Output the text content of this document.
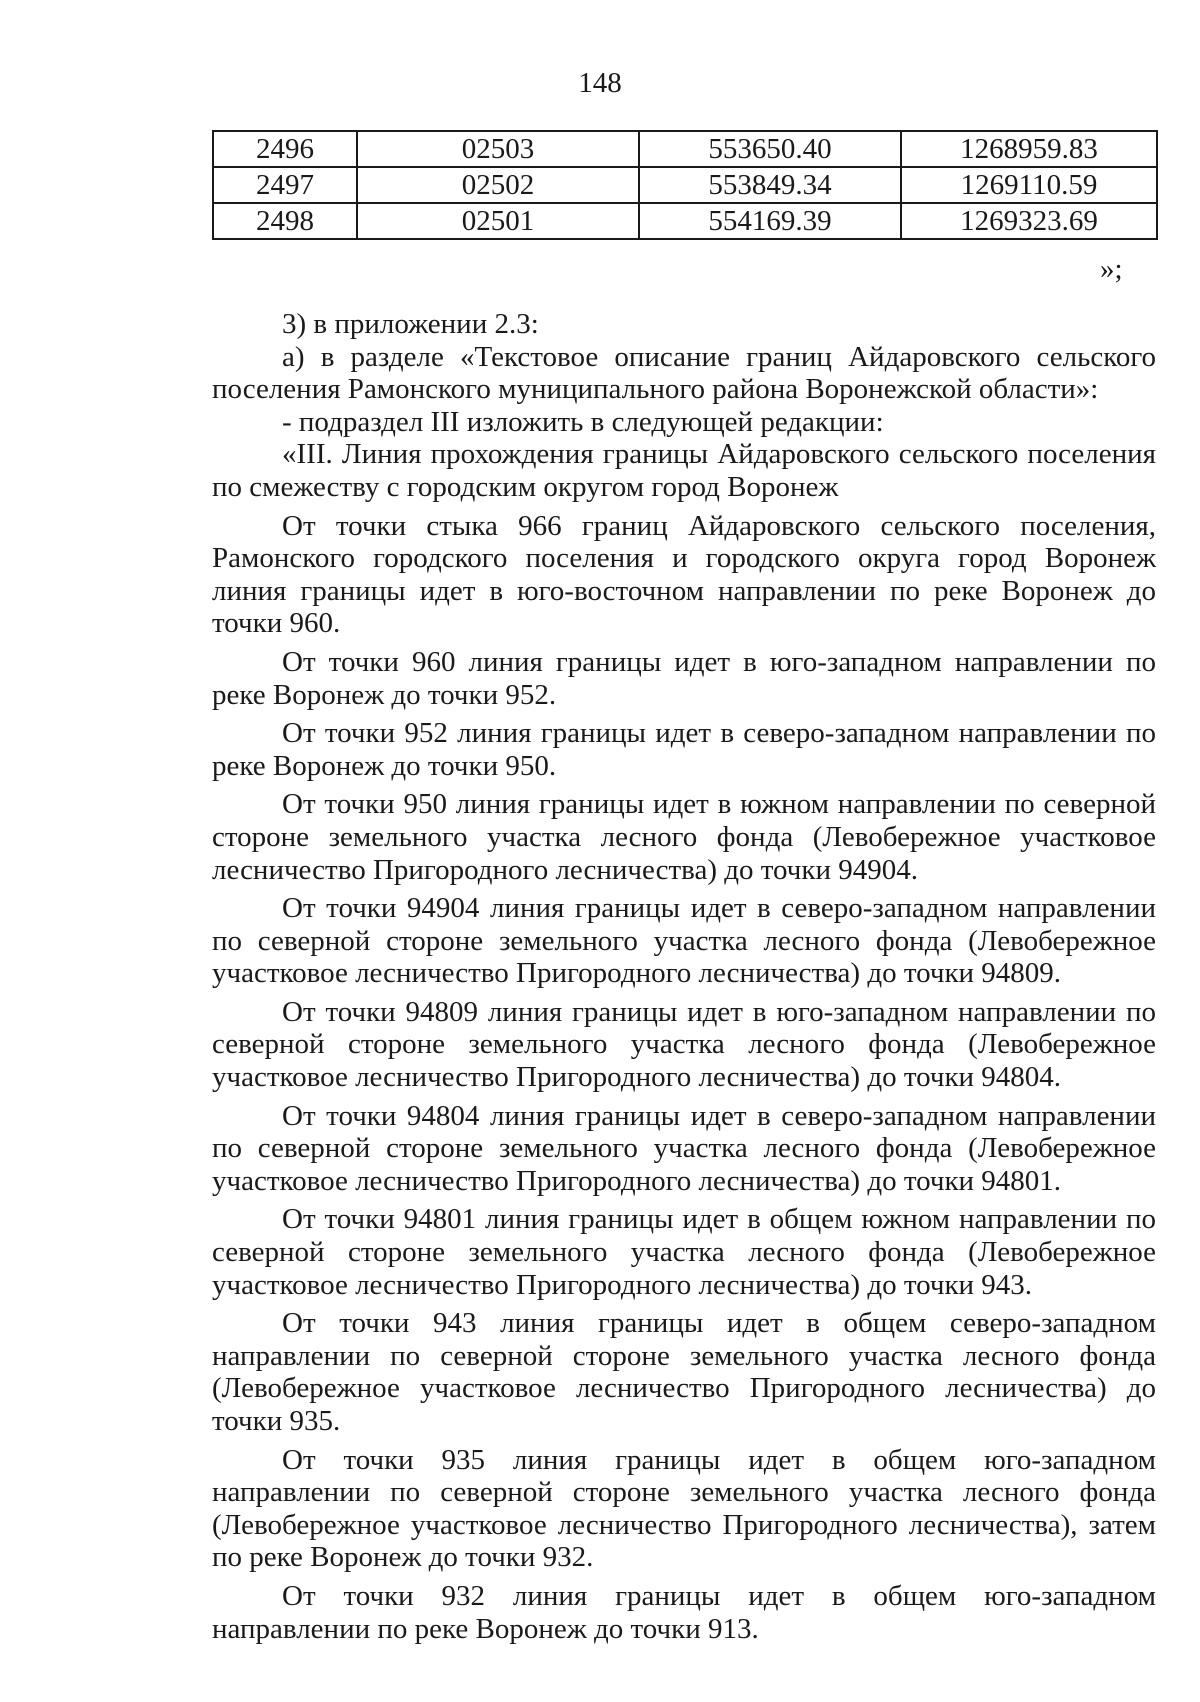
148
2496	02503	553650.40	1268959.83
2497	02502	553849.34	1269110.59
2498	02501	554169.39	1269323.69
»;

3) в приложении 2.3:

а) в разделе «Текстовое описание границ Айдаровского сельского поселения Рамонского муниципального района Воронежской области»:

- подраздел III изложить в следующей редакции:

«III. Линия прохождения границы Айдаровского сельского поселения по смежеству с городским округом город Воронеж

От точки стыка 966 границ Айдаровского сельского поселения, Рамонского городского поселения и городского округа город Воронеж линия границы идет в юго-восточном направлении по реке Воронеж до точки 960.

От точки 960 линия границы идет в юго-западном направлении по реке Воронеж до точки 952.

От точки 952 линия границы идет в северо-западном направлении по реке Воронеж до точки 950.

От точки 950 линия границы идет в южном направлении по северной стороне земельного участка лесного фонда (Левобережное участковое лесничество Пригородного лесничества) до точки 94904.

От точки 94904 линия границы идет в северо-западном направлении по северной стороне земельного участка лесного фонда (Левобережное участковое лесничество Пригородного лесничества) до точки 94809.

От точки 94809 линия границы идет в юго-западном направлении по северной стороне земельного участка лесного фонда (Левобережное участковое лесничество Пригородного лесничества) до точки 94804.

От точки 94804 линия границы идет в северо-западном направлении по северной стороне земельного участка лесного фонда (Левобережное участковое лесничество Пригородного лесничества) до точки 94801.

От точки 94801 линия границы идет в общем южном направлении по северной стороне земельного участка лесного фонда (Левобережное участковое лесничество Пригородного лесничества) до точки 943.

От точки 943 линия границы идет в общем северо-западном направлении по северной стороне земельного участка лесного фонда (Левобережное участковое лесничество Пригородного лесничества) до точки 935.

От точки 935 линия границы идет в общем юго-западном направлении по северной стороне земельного участка лесного фонда (Левобережное участковое лесничество Пригородного лесничества), затем по реке Воронеж до точки 932.

От точки 932 линия границы идет в общем юго-западном направлении по реке Воронеж до точки 913.
